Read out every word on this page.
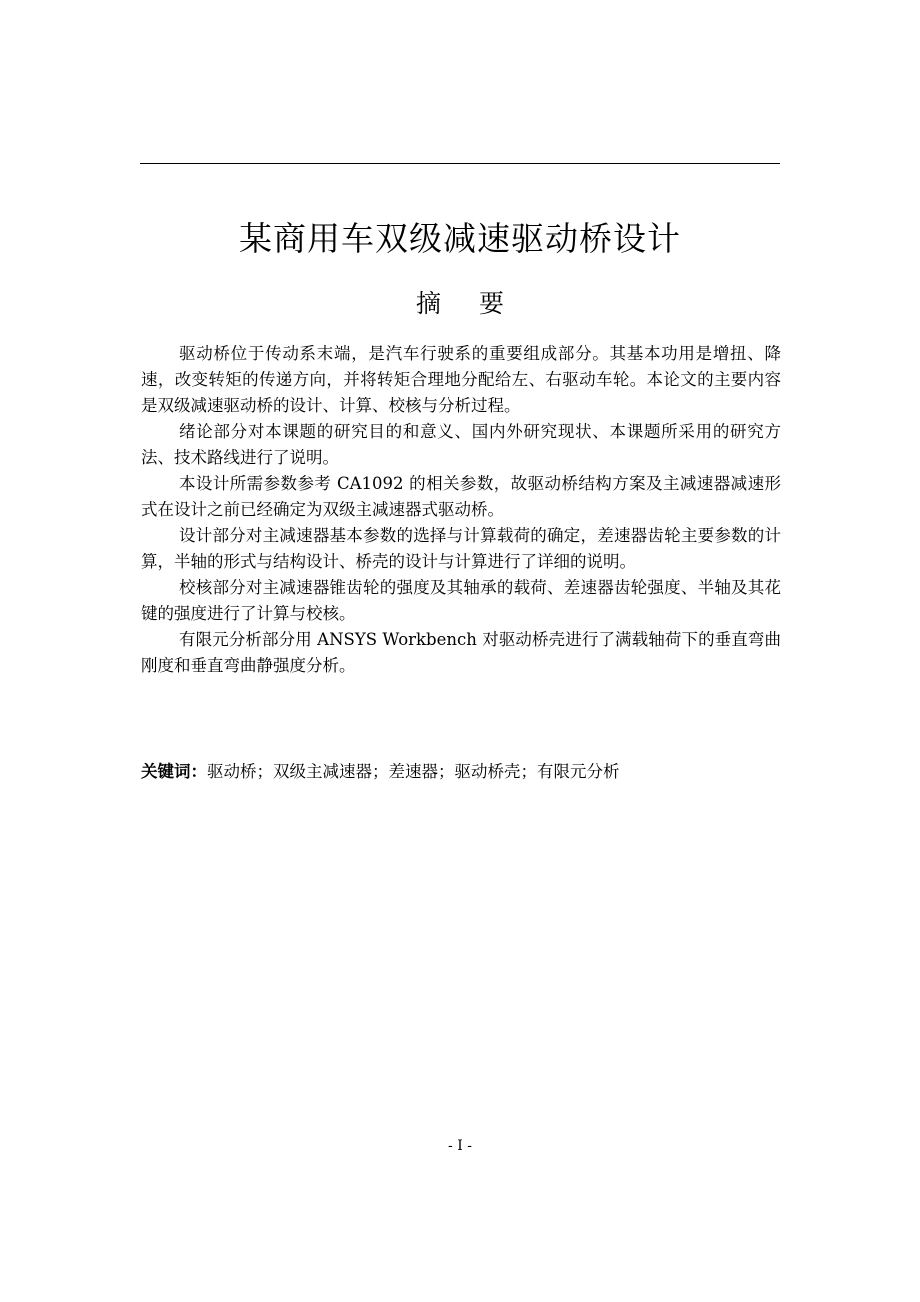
某商用车双级减速驱动桥设计
摘要

驱动桥位于传动系末端，是汽车行驶系的重要组成部分。其基本功用是增扭、降速，改变转矩的传递方向，并将转矩合理地分配给左、右驱动车轮。本论文的主要内容是双级减速驱动桥的设计、计算、校核与分析过程。

绪论部分对本课题的研究目的和意义、国内外研究现状、本课题所采用的研究方法、技术路线进行了说明。

本设计所需参数参考 CA1092 的相关参数，故驱动桥结构方案及主减速器减速形式在设计之前已经确定为双级主减速器式驱动桥。

设计部分对主减速器基本参数的选择与计算载荷的确定，差速器齿轮主要参数的计算，半轴的形式与结构设计、桥壳的设计与计算进行了详细的说明。

校核部分对主减速器锥齿轮的强度及其轴承的载荷、差速器齿轮强度、半轴及其花键的强度进行了计算与校核。

有限元分析部分用 ANSYS Workbench 对驱动桥壳进行了满载轴荷下的垂直弯曲刚度和垂直弯曲静强度分析。

关键词：驱动桥；双级主减速器；差速器；驱动桥壳；有限元分析
- I -
